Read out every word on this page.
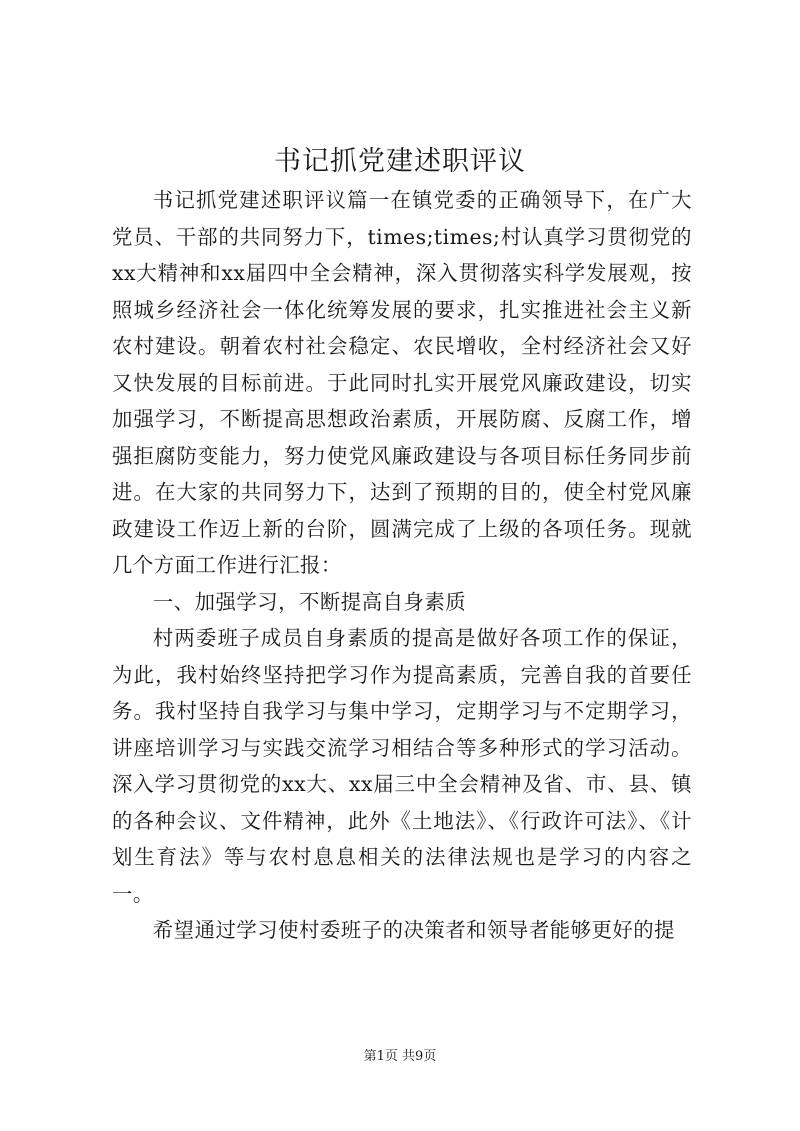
书记抓党建述职评议

书记抓党建述职评议篇一在镇党委的正确领导下，在广大党员、干部的共同努力下，times;times;村认真学习贯彻党的xx大精神和xx届四中全会精神，深入贯彻落实科学发展观，按照城乡经济社会一体化统筹发展的要求，扎实推进社会主义新农村建设。朝着农村社会稳定、农民增收，全村经济社会又好又快发展的目标前进。于此同时扎实开展党风廉政建设，切实加强学习，不断提高思想政治素质，开展防腐、反腐工作，增强拒腐防变能力，努力使党风廉政建设与各项目标任务同步前进。在大家的共同努力下，达到了预期的目的，使全村党风廉政建设工作迈上新的台阶，圆满完成了上级的各项任务。现就几个方面工作进行汇报：

一、加强学习，不断提高自身素质

村两委班子成员自身素质的提高是做好各项工作的保证，为此，我村始终坚持把学习作为提高素质，完善自我的首要任务。我村坚持自我学习与集中学习，定期学习与不定期学习，讲座培训学习与实践交流学习相结合等多种形式的学习活动。深入学习贯彻党的xx大、xx届三中全会精神及省、市、县、镇的各种会议、文件精神，此外《土地法》、《行政许可法》、《计划生育法》等与农村息息相关的法律法规也是学习的内容之一。

希望通过学习使村委班子的决策者和领导者能够更好的提

第1页 共9页
